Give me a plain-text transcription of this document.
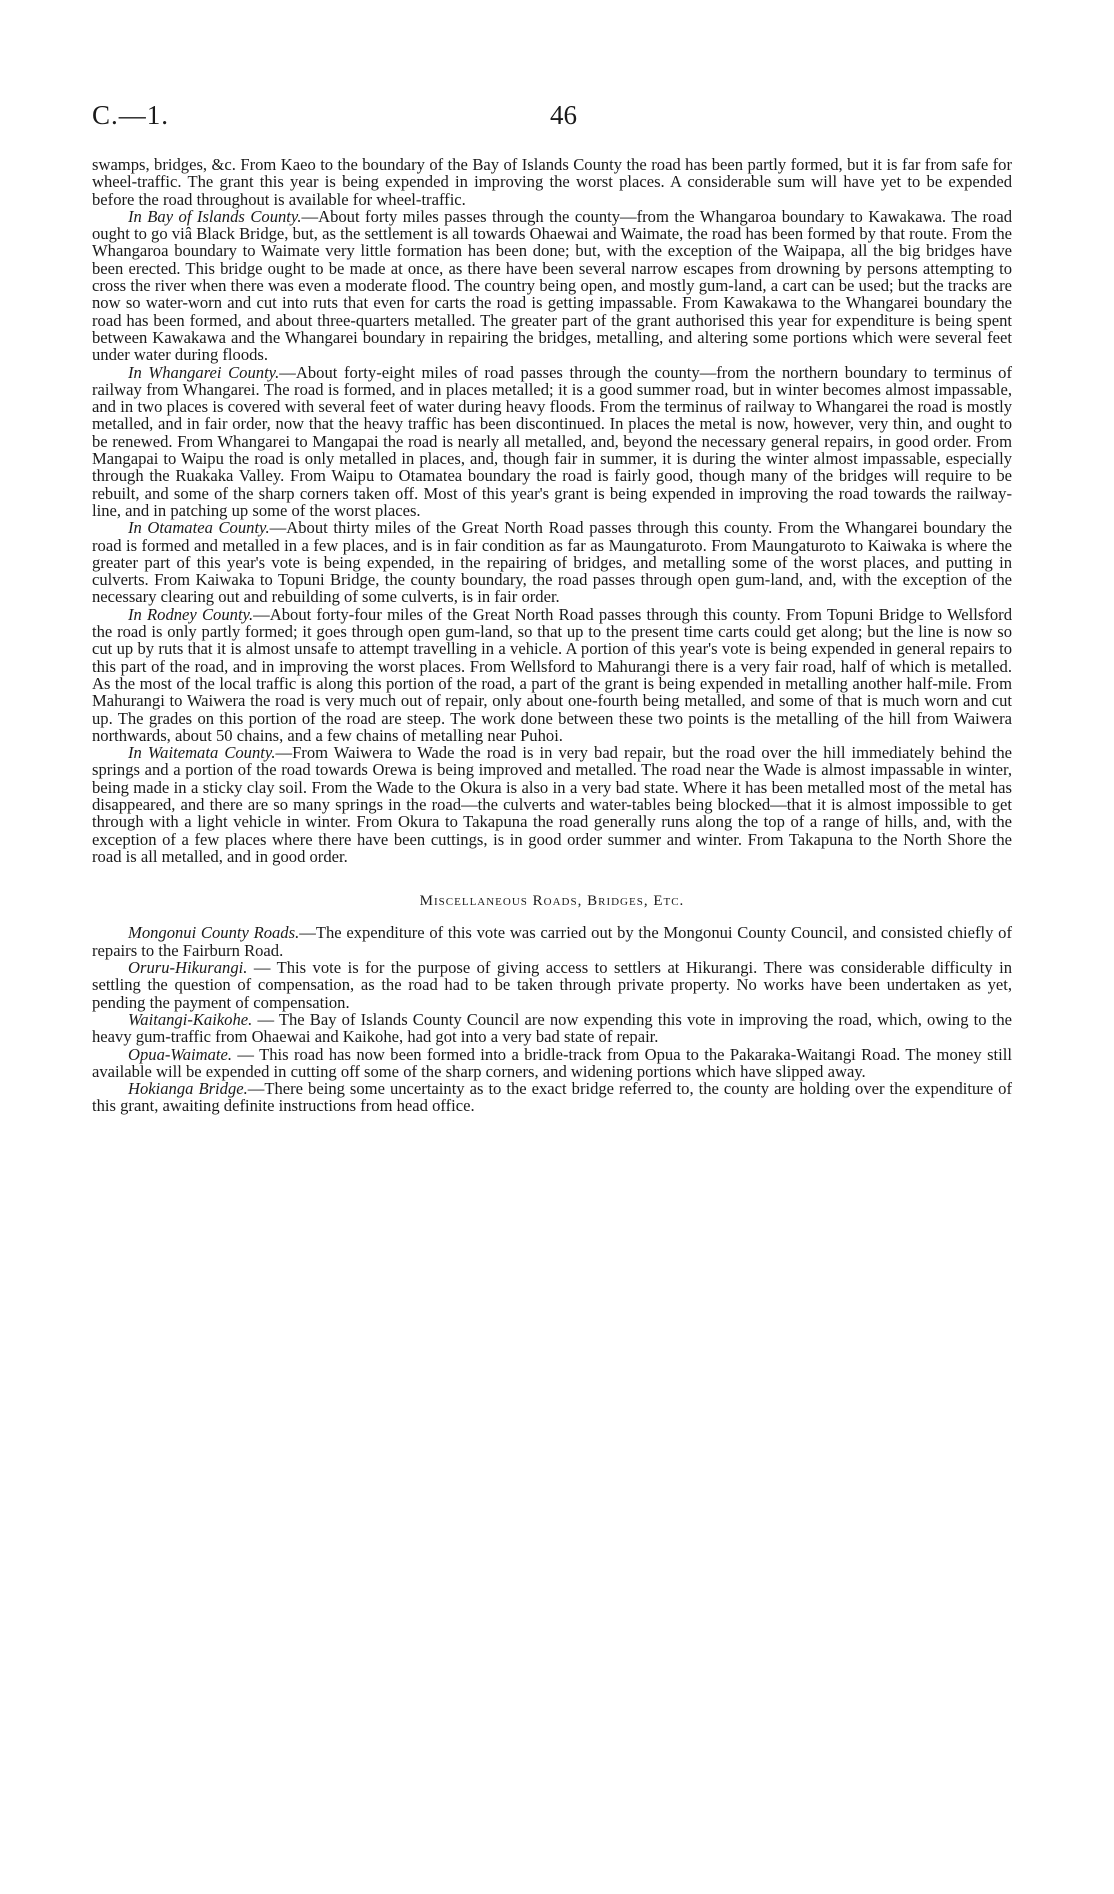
C.—1.	46

swamps, bridges, &c. From Kaeo to the boundary of the Bay of Islands County the road has been partly formed, but it is far from safe for wheel-traffic. The grant this year is being expended in improving the worst places. A considerable sum will have yet to be expended before the road throughout is available for wheel-traffic.

In Bay of Islands County.—About forty miles passes through the county—from the Whangaroa boundary to Kawakawa. The road ought to go viâ Black Bridge, but, as the settlement is all towards Ohaewai and Waimate, the road has been formed by that route. From the Whangaroa boundary to Waimate very little formation has been done; but, with the exception of the Waipapa, all the big bridges have been erected. This bridge ought to be made at once, as there have been several narrow escapes from drowning by persons attempting to cross the river when there was even a moderate flood. The country being open, and mostly gum-land, a cart can be used; but the tracks are now so water-worn and cut into ruts that even for carts the road is getting impassable. From Kawakawa to the Whangarei boundary the road has been formed, and about three-quarters metalled. The greater part of the grant authorised this year for expenditure is being spent between Kawakawa and the Whangarei boundary in repairing the bridges, metalling, and altering some portions which were several feet under water during floods.

In Whangarei County.—About forty-eight miles of road passes through the county—from the northern boundary to terminus of railway from Whangarei. The road is formed, and in places metalled; it is a good summer road, but in winter becomes almost impassable, and in two places is covered with several feet of water during heavy floods. From the terminus of railway to Whangarei the road is mostly metalled, and in fair order, now that the heavy traffic has been discontinued. In places the metal is now, however, very thin, and ought to be renewed. From Whangarei to Mangapai the road is nearly all metalled, and, beyond the necessary general repairs, in good order. From Mangapai to Waipu the road is only metalled in places, and, though fair in summer, it is during the winter almost impassable, especially through the Ruakaka Valley. From Waipu to Otamatea boundary the road is fairly good, though many of the bridges will require to be rebuilt, and some of the sharp corners taken off. Most of this year's grant is being expended in improving the road towards the railway-line, and in patching up some of the worst places.

In Otamatea County.—About thirty miles of the Great North Road passes through this county. From the Whangarei boundary the road is formed and metalled in a few places, and is in fair condition as far as Maungaturoto. From Maungaturoto to Kaiwaka is where the greater part of this year's vote is being expended, in the repairing of bridges, and metalling some of the worst places, and putting in culverts. From Kaiwaka to Topuni Bridge, the county boundary, the road passes through open gum-land, and, with the exception of the necessary clearing out and rebuilding of some culverts, is in fair order.

In Rodney County.—About forty-four miles of the Great North Road passes through this county. From Topuni Bridge to Wellsford the road is only partly formed; it goes through open gum-land, so that up to the present time carts could get along; but the line is now so cut up by ruts that it is almost unsafe to attempt travelling in a vehicle. A portion of this year's vote is being expended in general repairs to this part of the road, and in improving the worst places. From Wellsford to Mahurangi there is a very fair road, half of which is metalled. As the most of the local traffic is along this portion of the road, a part of the grant is being expended in metalling another half-mile. From Mahurangi to Waiwera the road is very much out of repair, only about one-fourth being metalled, and some of that is much worn and cut up. The grades on this portion of the road are steep. The work done between these two points is the metalling of the hill from Waiwera northwards, about 50 chains, and a few chains of metalling near Puhoi.

In Waitemata County.—From Waiwera to Wade the road is in very bad repair, but the road over the hill immediately behind the springs and a portion of the road towards Orewa is being improved and metalled. The road near the Wade is almost impassable in winter, being made in a sticky clay soil. From the Wade to the Okura is also in a very bad state. Where it has been metalled most of the metal has disappeared, and there are so many springs in the road—the culverts and water-tables being blocked—that it is almost impossible to get through with a light vehicle in winter. From Okura to Takapuna the road generally runs along the top of a range of hills, and, with the exception of a few places where there have been cuttings, is in good order summer and winter. From Takapuna to the North Shore the road is all metalled, and in good order.

Miscellaneous Roads, Bridges, Etc.

Mongonui County Roads.—The expenditure of this vote was carried out by the Mongonui County Council, and consisted chiefly of repairs to the Fairburn Road.

Oruru-Hikurangi. — This vote is for the purpose of giving access to settlers at Hikurangi. There was considerable difficulty in settling the question of compensation, as the road had to be taken through private property. No works have been undertaken as yet, pending the payment of compensation.

Waitangi-Kaikohe. — The Bay of Islands County Council are now expending this vote in improving the road, which, owing to the heavy gum-traffic from Ohaewai and Kaikohe, had got into a very bad state of repair.

Opua-Waimate. — This road has now been formed into a bridle-track from Opua to the Pakaraka-Waitangi Road. The money still available will be expended in cutting off some of the sharp corners, and widening portions which have slipped away.

Hokianga Bridge.—There being some uncertainty as to the exact bridge referred to, the county are holding over the expenditure of this grant, awaiting definite instructions from head office.
